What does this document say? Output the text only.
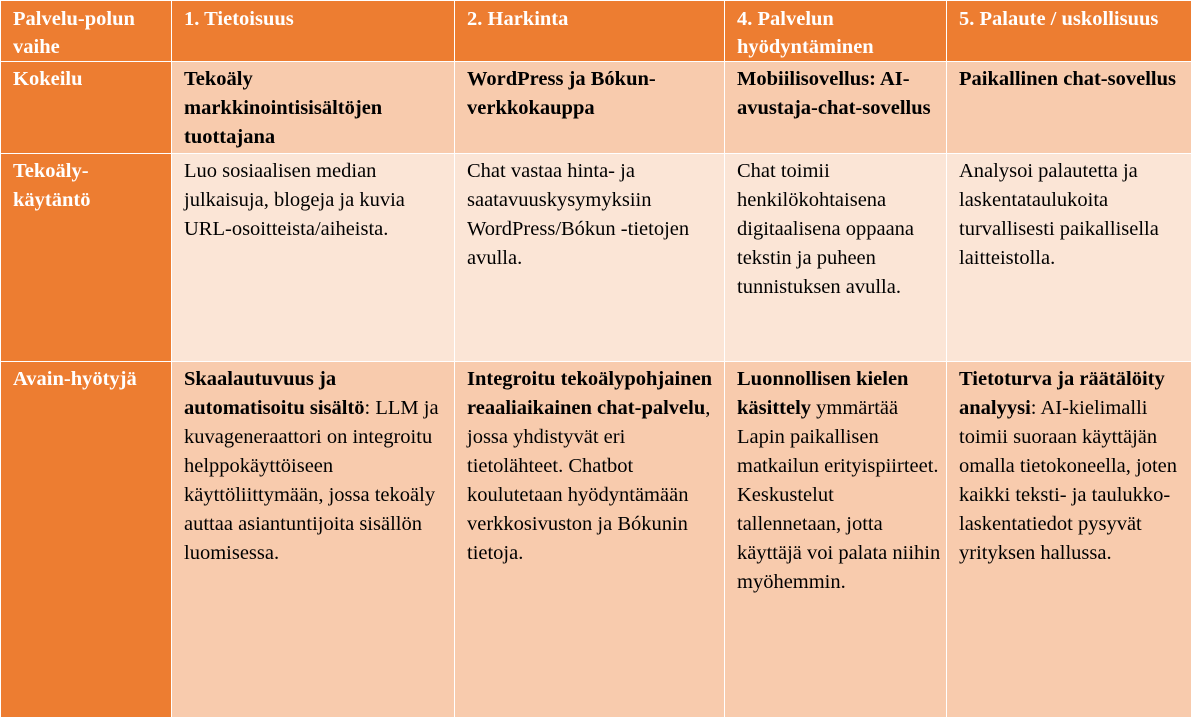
Palvelu-polun vaihe	1. Tietoisuus	2. Harkinta	4. Palvelun hyödyntäminen	5. Palaute / uskollisuus
Kokeilu	Tekoäly markkinointisisältöjen tuottajana	WordPress ja Bókun-verkkokauppa	Mobiilisovellus: AI-avustaja-chat-sovellus	Paikallinen chat-sovellus
Tekoäly-käytäntö	Luo sosiaalisen median julkaisuja, blogeja ja kuvia URL-osoitteista/aiheista.	Chat vastaa hinta- ja saatavuuskysymyksiin WordPress/Bókun -tietojen avulla.	Chat toimii henkilökohtaisena digitaalisena oppaana tekstin ja puheen tunnistuksen avulla.	Analysoi palautetta ja laskentataulukoita turvallisesti paikallisella laitteistolla.
Avain-hyötyjä	Skaalautuvuus ja automatisoitu sisältö: LLM ja kuvageneraattori on integroitu helppokäyttöiseen käyttöliittymään, jossa tekoäly auttaa asiantuntijoita sisällön luomisessa.	Integroitu tekoälypohjainen reaaliaikainen chat-palvelu, jossa yhdistyvät eri tietolähteet. Chatbot koulutetaan hyödyntämään verkkosivuston ja Bókunin tietoja.	Luonnollisen kielen käsittely ymmärtää Lapin paikallisen matkailun erityispiirteet. Keskustelut tallennetaan, jotta käyttäjä voi palata niihin myöhemmin.	Tietoturva ja räätälöity analyysi: AI-kielimalli toimii suoraan käyttäjän omalla tietokoneella, joten kaikki teksti- ja taulukko-laskentatiedot pysyvät yrityksen hallussa.
